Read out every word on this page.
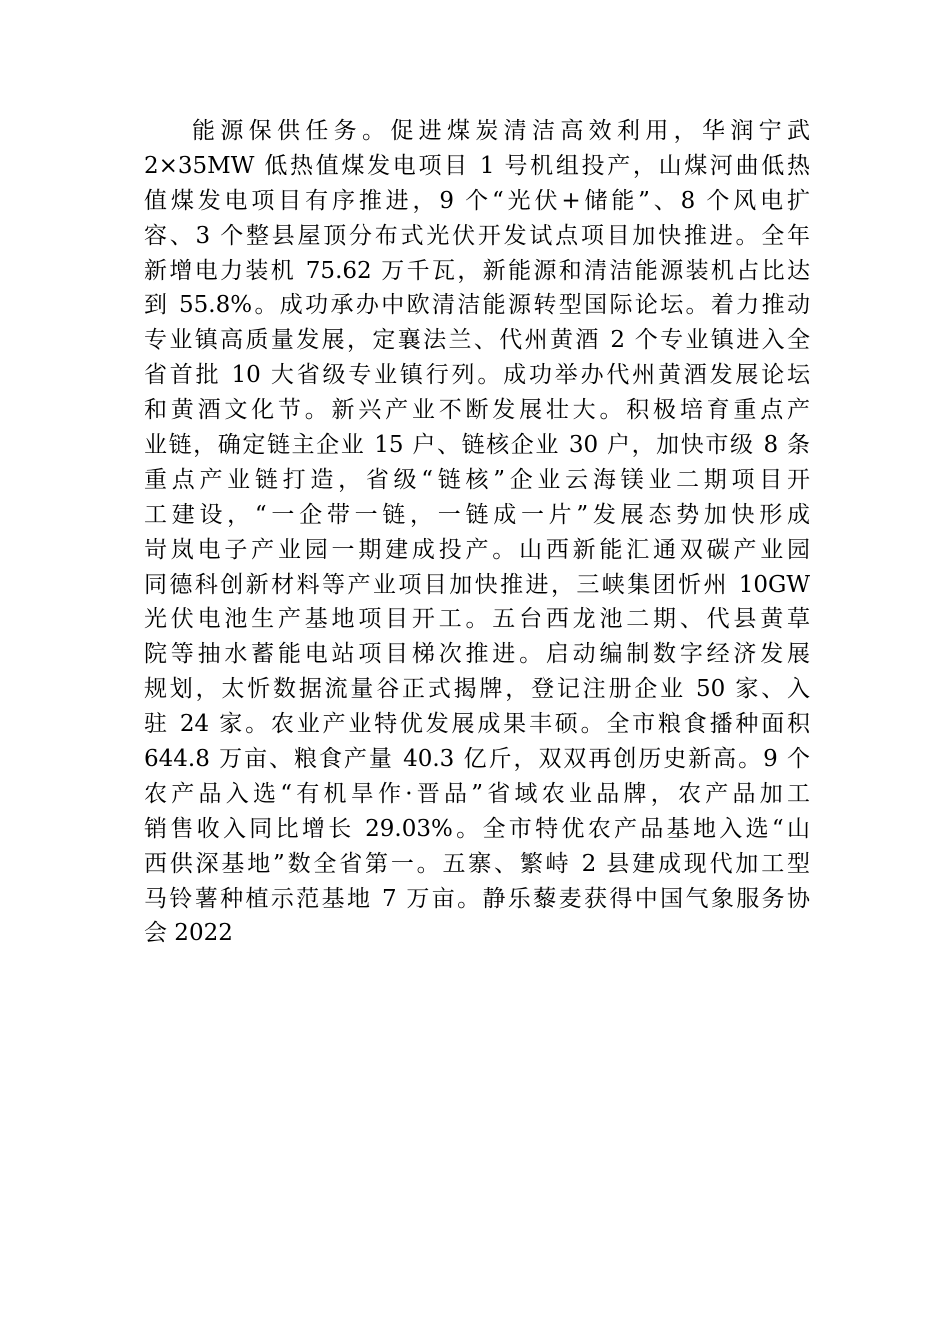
能源保供任务。促进煤炭清洁高效利用，华润宁武
2×35MW 低热值煤发电项目 1 号机组投产，山煤河曲低热
值煤发电项目有序推进，9 个“光伏+储能”、8 个风电扩
容、3 个整县屋顶分布式光伏开发试点项目加快推进。全年
新增电力装机 75.62 万千瓦，新能源和清洁能源装机占比达
到 55.8%。成功承办中欧清洁能源转型国际论坛。着力推动
专业镇高质量发展，定襄法兰、代州黄酒 2 个专业镇进入全
省首批 10 大省级专业镇行列。成功举办代州黄酒发展论坛
和黄酒文化节。新兴产业不断发展壮大。积极培育重点产
业链，确定链主企业 15 户、链核企业 30 户，加快市级 8 条
重点产业链打造，省级“链核”企业云海镁业二期项目开
工建设，“一企带一链，一链成一片”发展态势加快形成
岢岚电子产业园一期建成投产。山西新能汇通双碳产业园
同德科创新材料等产业项目加快推进，三峡集团忻州 10GW
光伏电池生产基地项目开工。五台西龙池二期、代县黄草
院等抽水蓄能电站项目梯次推进。启动编制数字经济发展
规划，太忻数据流量谷正式揭牌，登记注册企业 50 家、入
驻 24 家。农业产业特优发展成果丰硕。全市粮食播种面积
644.8 万亩、粮食产量 40.3 亿斤，双双再创历史新高。9 个
农产品入选“有机旱作·晋品”省域农业品牌，农产品加工
销售收入同比增长 29.03%。全市特优农产品基地入选“山
西供深基地”数全省第一。五寨、繁峙 2 县建成现代加工型
马铃薯种植示范基地 7 万亩。静乐藜麦获得中国气象服务协
会 2022
